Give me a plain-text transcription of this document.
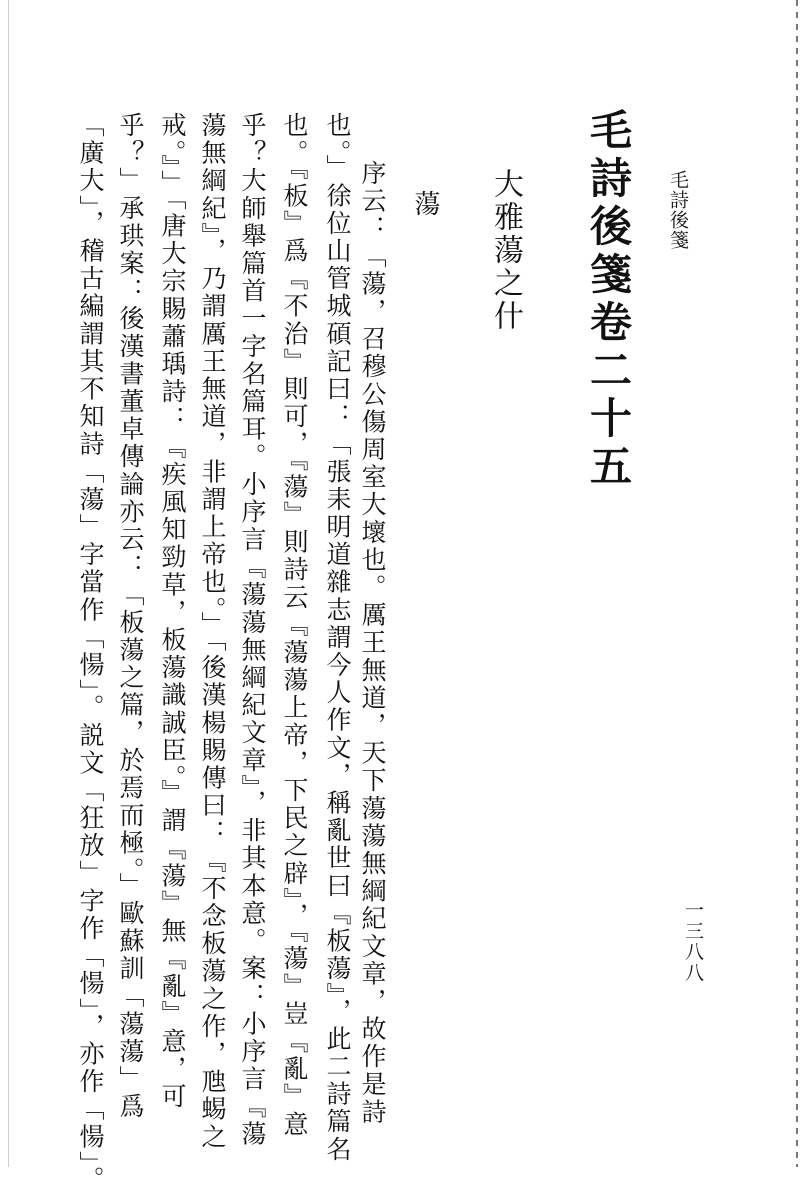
毛詩後箋
毛詩後箋卷二十五
大雅蕩之什
蕩
一三八八
也。」徐位山管城碩記曰：「張耒明道雜志謂今人作文，稱亂世曰『板蕩』，此二詩篇名 序云：「蕩，召穆公傷周室大壞也。厲王無道，天下蕩蕩無綱紀文章，故作是詩
也。『板』爲『不治』則可，『蕩』則詩云『蕩蕩上帝，下民之辟』，『蕩』豈『亂』意
乎？大師舉篇首一字名篇耳。小序言『蕩蕩無綱紀文章』，非其本意。案：小序言『蕩
蕩無綱紀』，乃謂厲王無道，非謂上帝也。」「後漢楊賜傳曰：『不念板蕩之作，虺蜴之
戒。』」「唐大宗賜蕭瑀詩：『疾風知勁草，板蕩識誠臣。』謂『蕩』無『亂』意，可
乎？」承珙案：後漢書董卓傳論亦云：「板蕩之篇，於焉而極。」歐蘇訓「蕩蕩」爲
「廣大」，稽古編謂其不知詩「蕩」字當作「愓」。説文「狂放」字作「愓」，亦作「愓」。
